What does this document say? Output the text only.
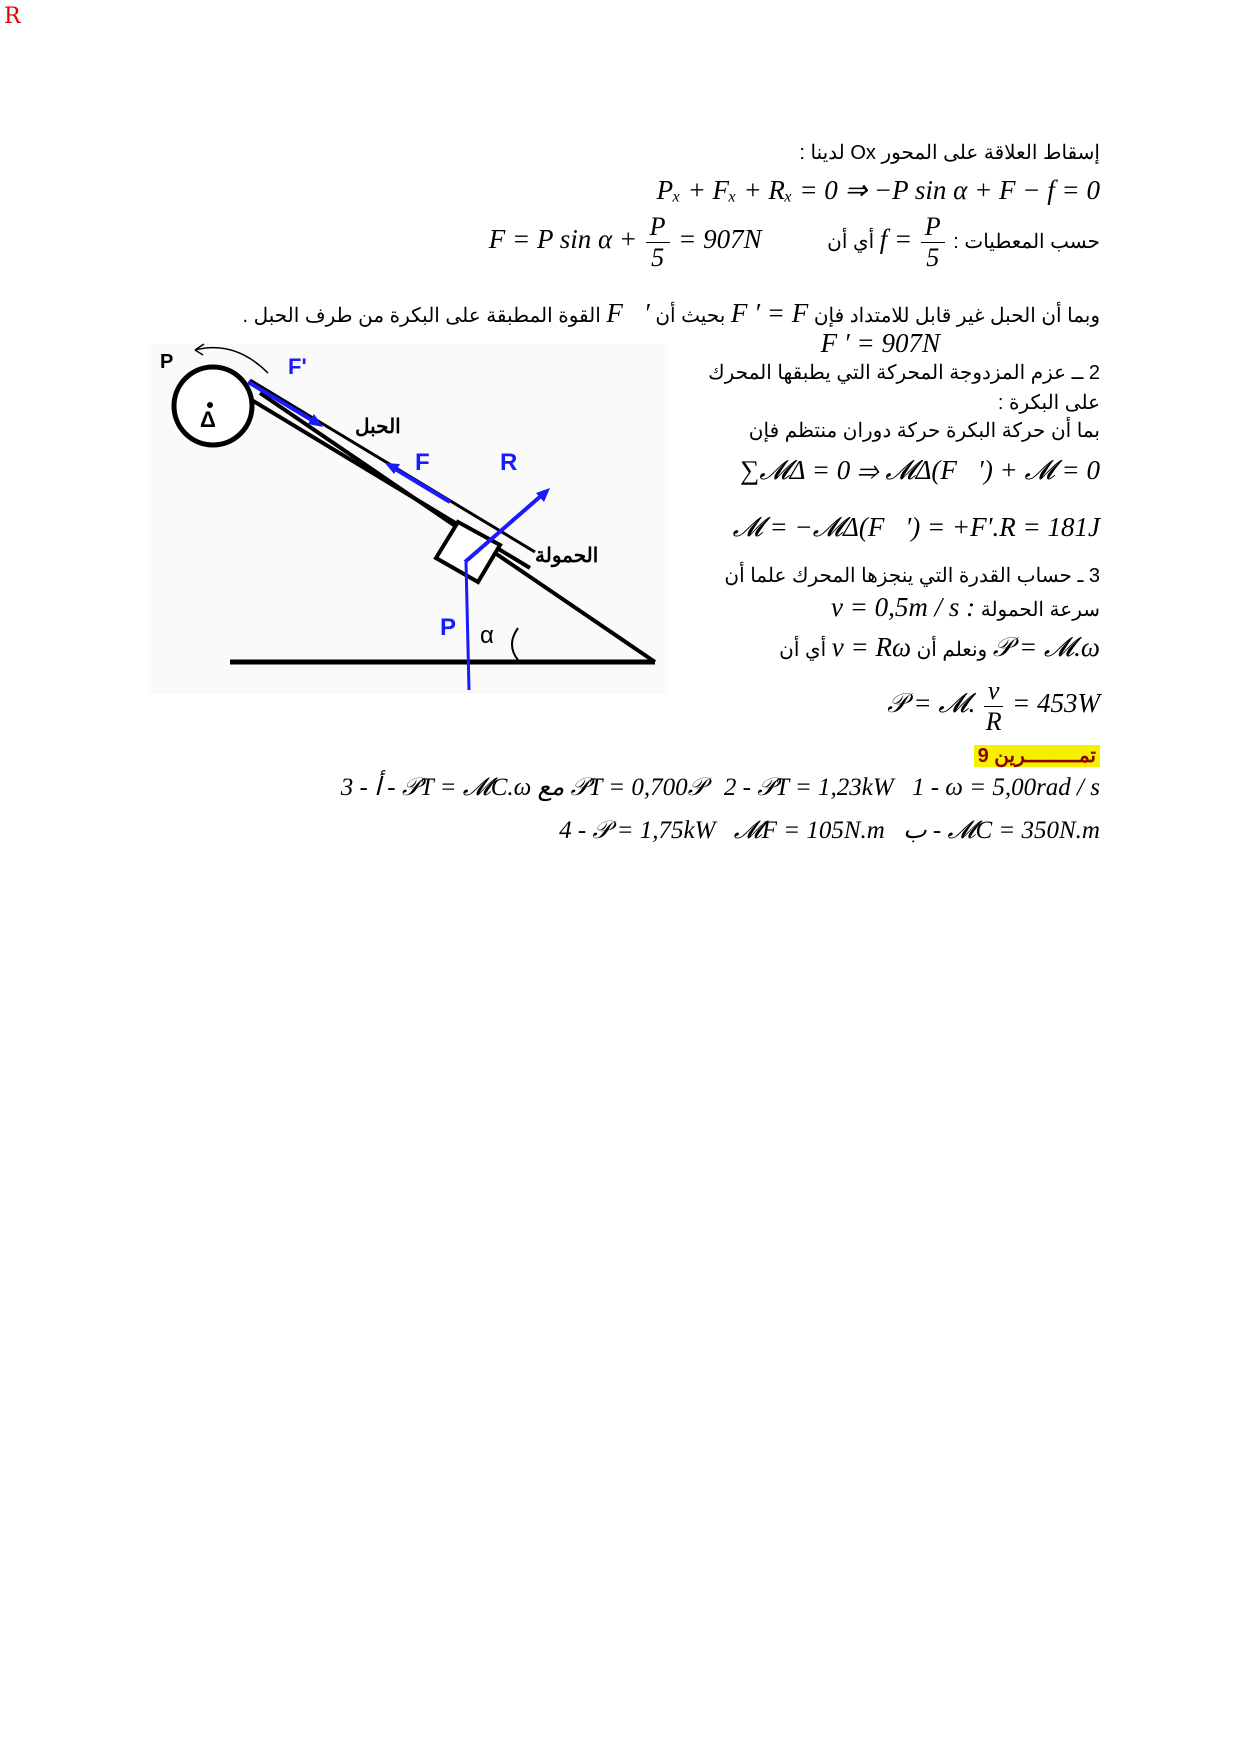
R
إسقاط العلاقة على المحور Ox لدينا :
Pₓ + Fₓ + Rₓ = 0 ⇒ −P sin α + F − f = 0
حسب المعطيات : $f = \frac{P}{5}$
أي أن F = P $\sin \alpha + \frac{P}{5} = 907N$
وبما أن الحبل غير قابل للامتداد فإن F ′ = F بحيث أن F⃗′ القوة المطبقة على البكرة من طرف الحبل .
F ′ = 907N
2 ــ عزم المزدوجة المحركة التي يطبقها المحرك
على البكرة :
بما أن حركة البكرة حركة دوران منتظم فإن
∑𝓜Δ = 0 ⇒ 𝓜Δ(F⃗′) + 𝓜 = 0
𝓜 = −𝓜Δ(F⃗′) = +F′.R = 181J
3 ـ حساب القدرة التي ينجزها المحرك علما أن
سرعة الحمولة v = 0,5m / s :
𝒫 = 𝓜.ω ونعلم أن v = Rω أي أن
𝒫 = 𝓜. $\frac{v}{R} = 453W$
تمـــــــــرين 9
1 - ω = 5,00rad / s 2 - 𝒫T = 1,23kW 3 - أ - 𝒫T = 𝓜C.ω مع 𝒫T = 0,700𝒫
ب - 𝓜C = 350N.m 𝓜F = 105N.m 4 - 𝒫 = 1,75kW
Δ
P	F'
الحبل
F	R
الحمولة
P α
